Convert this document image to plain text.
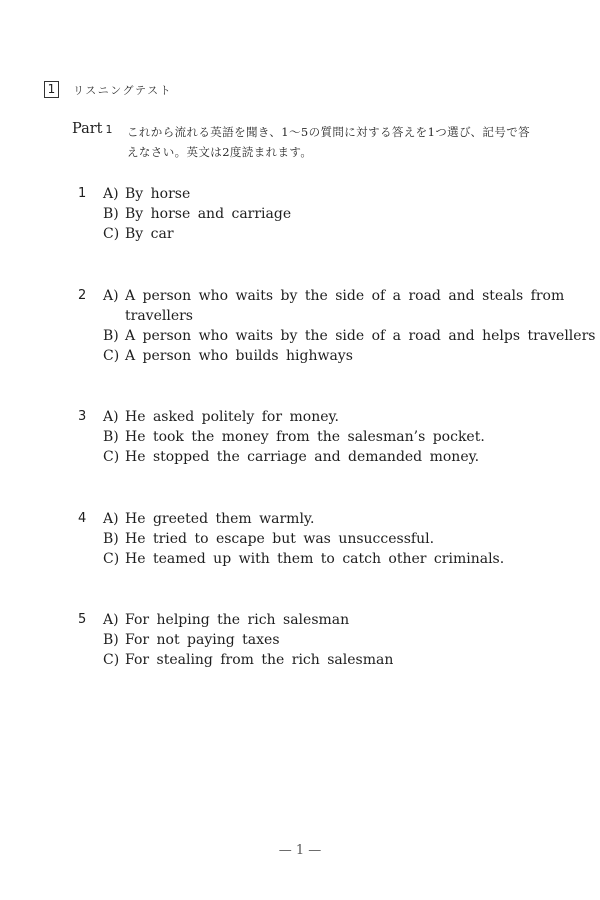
1	リスニングテスト
Part 1 これから流れる英語を聞き、1～5の質問に対する答えを1つ選び、記号で答
えなさい。英文は2度読まれます。
1 A) By horse
B) By horse and carriage
C) By car
2 A) A person who waits by the side of a road and steals from
travellers
B) A person who waits by the side of a road and helps travellers
C) A person who builds highways
3 A) He asked politely for money.
B) He took the money from the salesman’s pocket.
C) He stopped the carriage and demanded money.
4 A) He greeted them warmly.
B) He tried to escape but was unsuccessful.
C) He teamed up with them to catch other criminals.
5 A) For helping the rich salesman
B) For not paying taxes
C) For stealing from the rich salesman
— 1 —
